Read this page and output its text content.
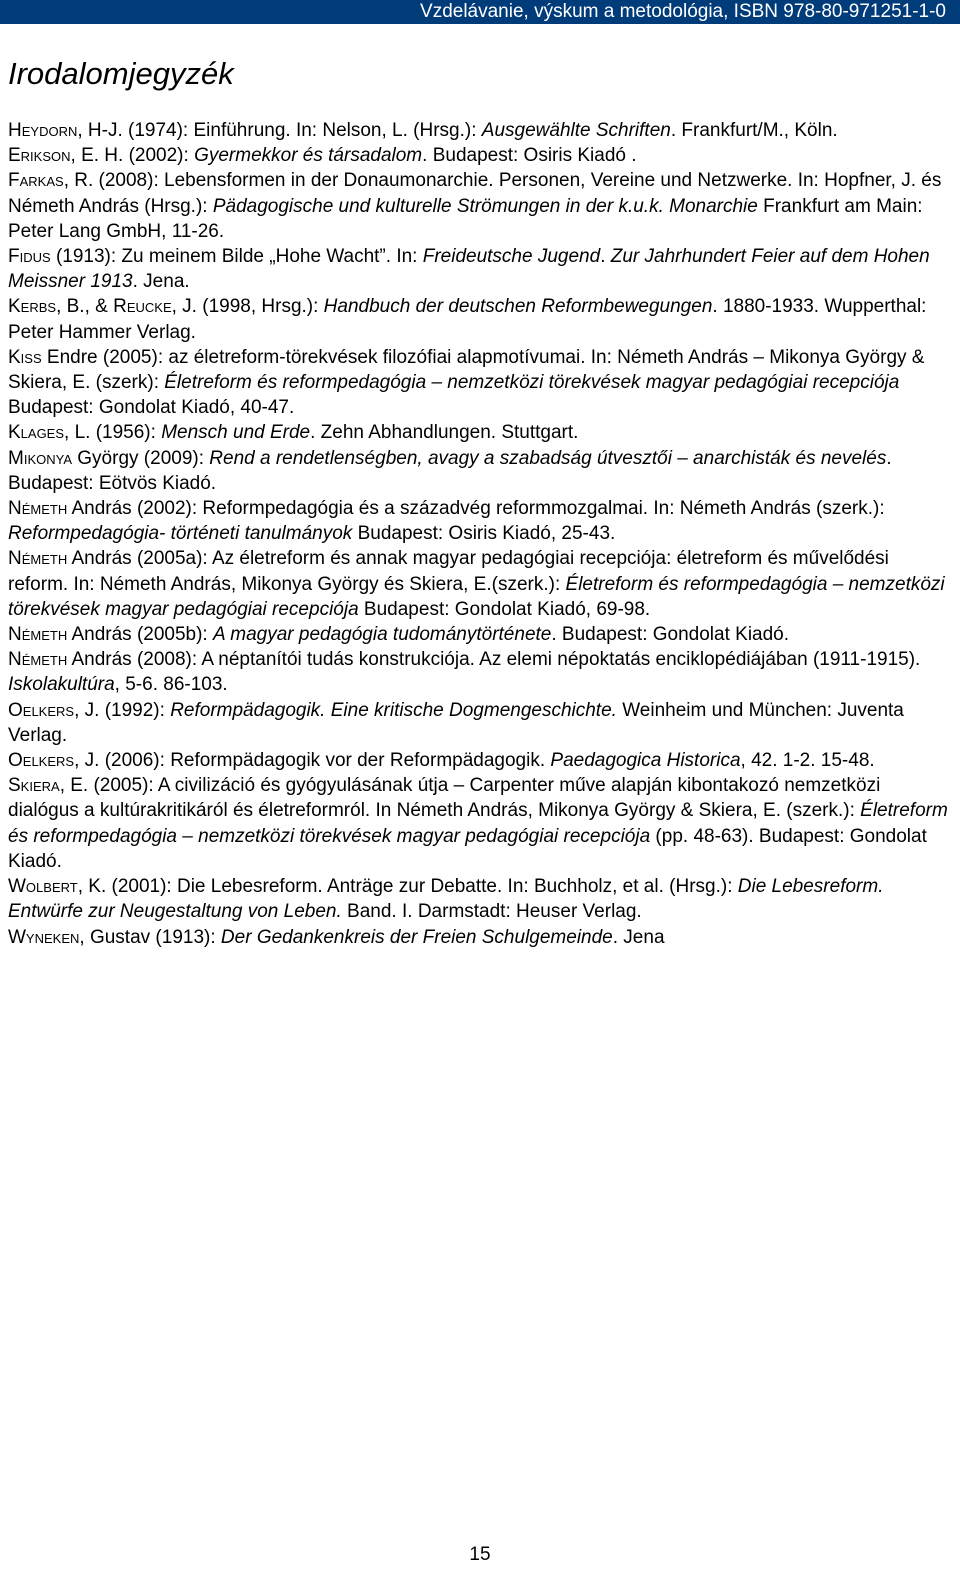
Vzdelávanie, výskum a metodológia, ISBN 978-80-971251-1-0
Irodalomjegyzék

Heydorn, H-J. (1974): Einführung. In: Nelson, L. (Hrsg.): Ausgewählte Schriften. Frankfurt/M., Köln.

Erikson, E. H. (2002): Gyermekkor és társadalom. Budapest: Osiris Kiadó .

Farkas, R. (2008): Lebensformen in der Donaumonarchie. Personen, Vereine und Netzwerke. In: Hopfner, J. és Németh András (Hrsg.): Pädagogische und kulturelle Strömungen in der k.u.k. Monarchie Frankfurt am Main: Peter Lang GmbH, 11-26.

Fidus (1913): Zu meinem Bilde „Hohe Wacht”. In: Freideutsche Jugend. Zur Jahrhundert Feier auf dem Hohen Meissner 1913. Jena.

Kerbs, B., & Reucke, J. (1998, Hrsg.): Handbuch der deutschen Reformbewegungen. 1880-1933. Wupperthal: Peter Hammer Verlag.

Kiss Endre (2005): az életreform-törekvések filozófiai alapmotívumai. In: Németh András – Mikonya György & Skiera, E. (szerk): Életreform és reformpedagógia – nemzetközi törekvések magyar pedagógiai recepciója Budapest: Gondolat Kiadó, 40-47.

Klages, L. (1956): Mensch und Erde. Zehn Abhandlungen. Stuttgart.

Mikonya György (2009): Rend a rendetlenségben, avagy a szabadság útvesztői – anarchisták és nevelés. Budapest: Eötvös Kiadó.

Németh András (2002): Reformpedagógia és a századvég reformmozgalmai. In: Németh András (szerk.): Reformpedagógia- történeti tanulmányok Budapest: Osiris Kiadó, 25-43.

Németh András (2005a): Az életreform és annak magyar pedagógiai recepciója: életreform és művelődési reform. In: Németh András, Mikonya György és Skiera, E.(szerk.): Életreform és reformpedagógia – nemzetközi törekvések magyar pedagógiai recepciója Budapest: Gondolat Kiadó, 69-98.

Németh András (2005b): A magyar pedagógia tudománytörténete. Budapest: Gondolat Kiadó.

Németh András (2008): A néptanítói tudás konstrukciója. Az elemi népoktatás enciklopédiájában (1911-1915). Iskolakultúra, 5-6. 86-103.

Oelkers, J. (1992): Reformpädagogik. Eine kritische Dogmengeschichte. Weinheim und München: Juventa Verlag.

Oelkers, J. (2006): Reformpädagogik vor der Reformpädagogik. Paedagogica Historica, 42. 1-2. 15-48.

Skiera, E. (2005): A civilizáció és gyógyulásának útja – Carpenter műve alapján kibontakozó nemzetközi dialógus a kultúrakritikáról és életreformról. In Németh András, Mikonya György & Skiera, E. (szerk.): Életreform és reformpedagógia – nemzetközi törekvések magyar pedagógiai recepciója (pp. 48-63). Budapest: Gondolat Kiadó.

Wolbert, K. (2001): Die Lebesreform. Anträge zur Debatte. In: Buchholz, et al. (Hrsg.): Die Lebesreform. Entwürfe zur Neugestaltung von Leben. Band. I. Darmstadt: Heuser Verlag.

Wyneken, Gustav (1913): Der Gedankenkreis der Freien Schulgemeinde. Jena

15
